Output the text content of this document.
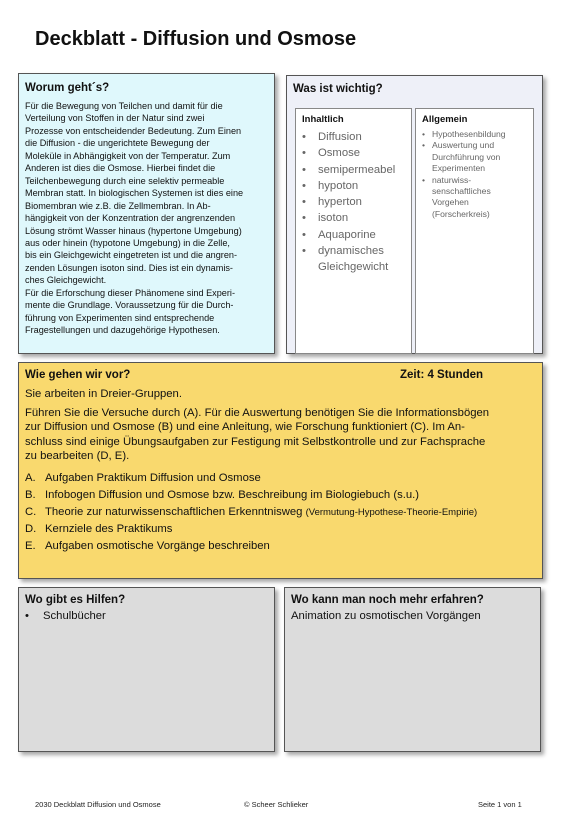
Deckblatt - Diffusion und Osmose
Worum geht´s?

Für die Bewegung von Teilchen und damit für die
Verteilung von Stoffen in der Natur sind zwei
Prozesse von entscheidender Bedeutung. Zum Einen
die Diffusion - die ungerichtete Bewegung der
Moleküle in Abhängigkeit von der Temperatur. Zum
Anderen ist dies die Osmose. Hierbei findet die
Teilchenbewegung durch eine selektiv permeable
Membran statt. In biologischen Systemen ist dies eine
Biomembran wie z.B. die Zellmembran. In Ab-
hängigkeit von der Konzentration der angrenzenden
Lösung strömt Wasser hinaus (hypertone Umgebung)
aus oder hinein (hypotone Umgebung) in die Zelle,
bis ein Gleichgewicht eingetreten ist und die angren-
zenden Lösungen isoton sind. Dies ist ein dynamis-
ches Gleichgewicht.
Für die Erforschung dieser Phänomene sind Experi-
mente die Grundlage. Voraussetzung für die Durch-
führung von Experimenten sind entsprechende
Fragestellungen und dazugehörige Hypothesen.

Was ist wichtig?
Inhaltlich
• Diffusion
• Osmose
• semipermeabel
• hypoton
• hyperton
• isoton
• Aquaporine
• dynamisches Gleichgewicht
Allgemein
• Hypothesenbildung
• Auswertung und Durchführung von Experimenten
• naturwiss-senschaftliches Vorgehen (Forscherkreis)
Wie gehen wir vor?	Zeit: 4 Stunden

Sie arbeiten in Dreier-Gruppen.

Führen Sie die Versuche durch (A). Für die Auswertung benötigen Sie die Informationsbögen
zur Diffusion und Osmose (B) und eine Anleitung, wie Forschung funktioniert (C). Im An-
schluss sind einige Übungsaufgaben zur Festigung mit Selbstkontrolle und zur Fachsprache
zu bearbeiten (D, E).

A. Aufgaben Praktikum Diffusion und Osmose
B. Infobogen Diffusion und Osmose bzw. Beschreibung im Biologiebuch (s.u.)
C. Theorie zur naturwissenschaftlichen Erkenntnisweg (Vermutung-Hypothese-Theorie-Empirie)
D. Kernziele des Praktikums
E. Aufgaben osmotische Vorgänge beschreiben
Wo gibt es Hilfen?

• Schulbücher

Wo kann man noch mehr erfahren?

Animation zu osmotischen Vorgängen

2030 Deckblatt Diffusion und Osmose	© Scheer Schlieker	Seite 1 von 1
